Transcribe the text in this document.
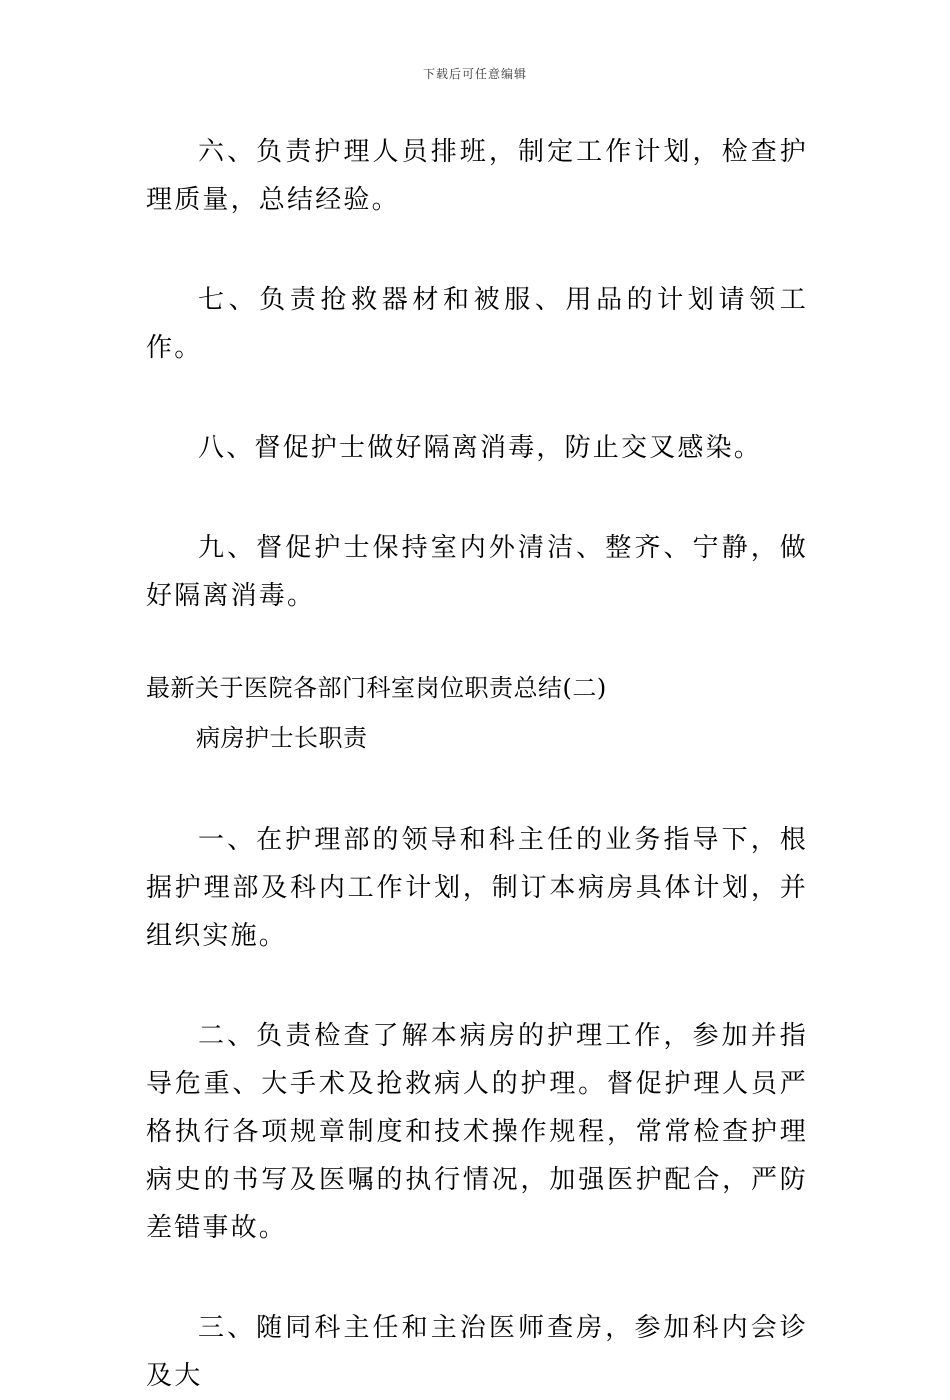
下载后可任意编辑

六、负责护理人员排班，制定工作计划，检查护理质量，总结经验。

七、负责抢救器材和被服、用品的计划请领工作。

八、督促护士做好隔离消毒，防止交叉感染。

九、督促护士保持室内外清洁、整齐、宁静，做好隔离消毒。

最新关于医院各部门科室岗位职责总结(二)

病房护士长职责

一、在护理部的领导和科主任的业务指导下，根据护理部及科内工作计划，制订本病房具体计划，并组织实施。

二、负责检查了解本病房的护理工作，参加并指导危重、大手术及抢救病人的护理。督促护理人员严格执行各项规章制度和技术操作规程，常常检查护理病史的书写及医嘱的执行情况，加强医护配合，严防差错事故。

三、随同科主任和主治医师查房，参加科内会诊及大
